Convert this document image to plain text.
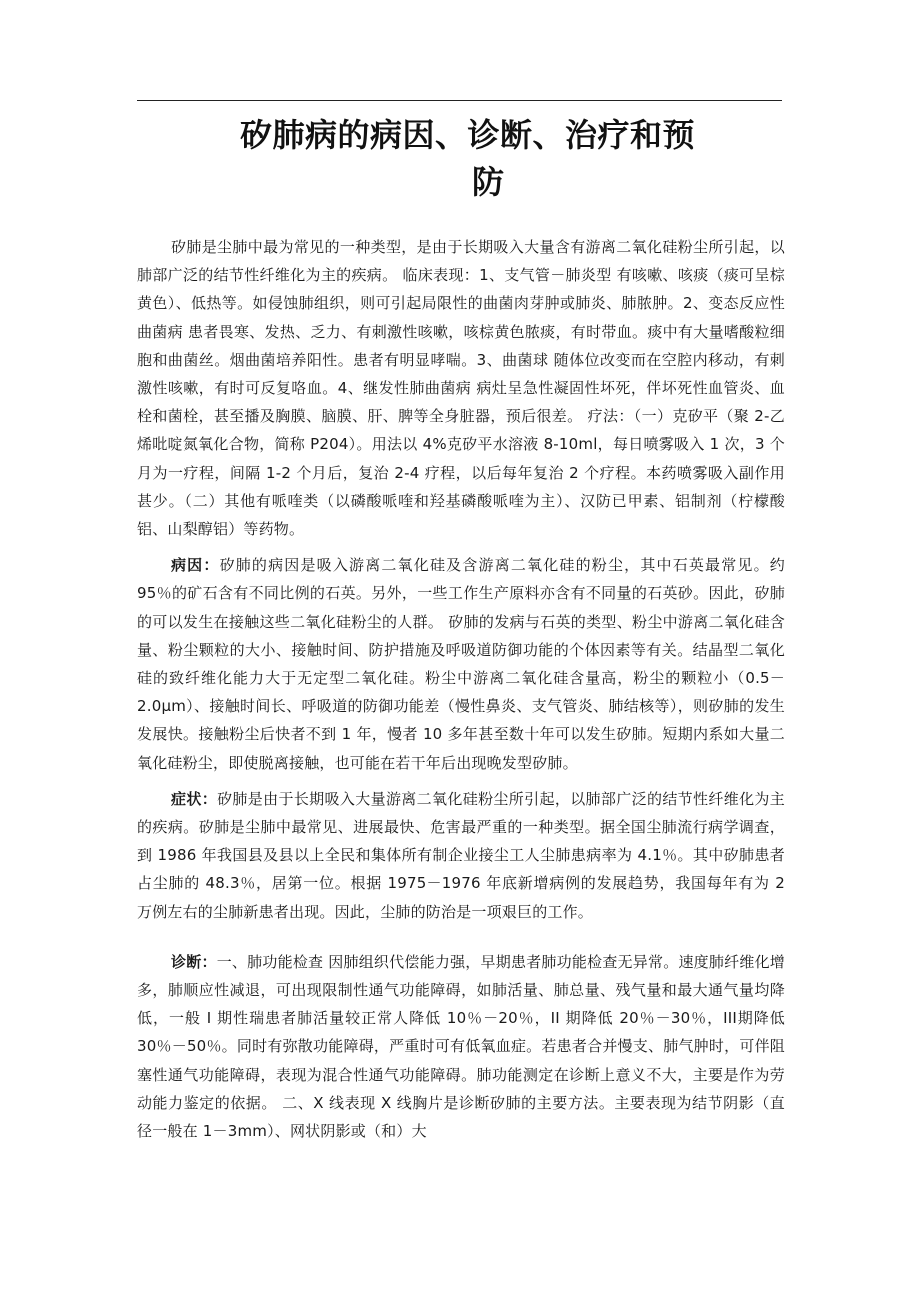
矽肺病的病因、诊断、治疗和预
防

矽肺是尘肺中最为常见的一种类型，是由于长期吸入大量含有游离二氧化硅粉尘所引起，以肺部广泛的结节性纤维化为主的疾病。 临床表现：1、支气管－肺炎型 有咳嗽、咳痰（痰可呈棕黄色）、低热等。如侵蚀肺组织，则可引起局限性的曲菌肉芽肿或肺炎、肺脓肿。2、变态反应性曲菌病 患者畏寒、发热、乏力、有刺激性咳嗽，咳棕黄色脓痰，有时带血。痰中有大量嗜酸粒细胞和曲菌丝。烟曲菌培养阳性。患者有明显哮喘。3、曲菌球 随体位改变而在空腔内移动，有刺激性咳嗽，有时可反复咯血。4、继发性肺曲菌病 病灶呈急性凝固性坏死，伴坏死性血管炎、血栓和菌栓，甚至播及胸膜、脑膜、肝、脾等全身脏器，预后很差。 疗法：（一）克矽平（聚 2-乙烯吡啶氮氧化合物，简称 P204）。用法以 4%克矽平水溶液 8-10ml，每日喷雾吸入 1 次，3 个月为一疗程，间隔 1-2 个月后，复治 2-4 疗程，以后每年复治 2 个疗程。本药喷雾吸入副作用甚少。（二）其他有哌喹类（以磷酸哌喹和羟基磷酸哌喹为主）、汉防已甲素、铝制剂（柠檬酸铝、山梨醇铝）等药物。

病因：矽肺的病因是吸入游离二氧化硅及含游离二氧化硅的粉尘，其中石英最常见。约 95％的矿石含有不同比例的石英。另外，一些工作生产原料亦含有不同量的石英砂。因此，矽肺的可以发生在接触这些二氧化硅粉尘的人群。 矽肺的发病与石英的类型、粉尘中游离二氧化硅含量、粉尘颗粒的大小、接触时间、防护措施及呼吸道防御功能的个体因素等有关。结晶型二氧化硅的致纤维化能力大于无定型二氧化硅。粉尘中游离二氧化硅含量高，粉尘的颗粒小（0.5－2.0μm）、接触时间长、呼吸道的防御功能差（慢性鼻炎、支气管炎、肺结核等），则矽肺的发生发展快。接触粉尘后快者不到 1 年，慢者 10 多年甚至数十年可以发生矽肺。短期内系如大量二氧化硅粉尘，即使脱离接触，也可能在若干年后出现晚发型矽肺。

症状：矽肺是由于长期吸入大量游离二氧化硅粉尘所引起，以肺部广泛的结节性纤维化为主的疾病。矽肺是尘肺中最常见、进展最快、危害最严重的一种类型。据全国尘肺流行病学调查，到 1986 年我国县及县以上全民和集体所有制企业接尘工人尘肺患病率为 4.1％。其中矽肺患者占尘肺的 48.3％，居第一位。根据 1975－1976 年底新增病例的发展趋势，我国每年有为 2 万例左右的尘肺新患者出现。因此，尘肺的防治是一项艰巨的工作。

诊断：一、肺功能检查 因肺组织代偿能力强，早期患者肺功能检查无异常。速度肺纤维化增多，肺顺应性减退，可出现限制性通气功能障碍，如肺活量、肺总量、残气量和最大通气量均降低，一般 I 期性瑞患者肺活量较正常人降低 10％－20％，II 期降低 20％－30％，III期降低 30％－50％。同时有弥散功能障碍，严重时可有低氧血症。若患者合并慢支、肺气肿时，可伴阻塞性通气功能障碍，表现为混合性通气功能障碍。肺功能测定在诊断上意义不大，主要是作为劳动能力鉴定的依据。 二、X 线表现 X 线胸片是诊断矽肺的主要方法。主要表现为结节阴影（直径一般在 1－3mm）、网状阴影或（和）大
